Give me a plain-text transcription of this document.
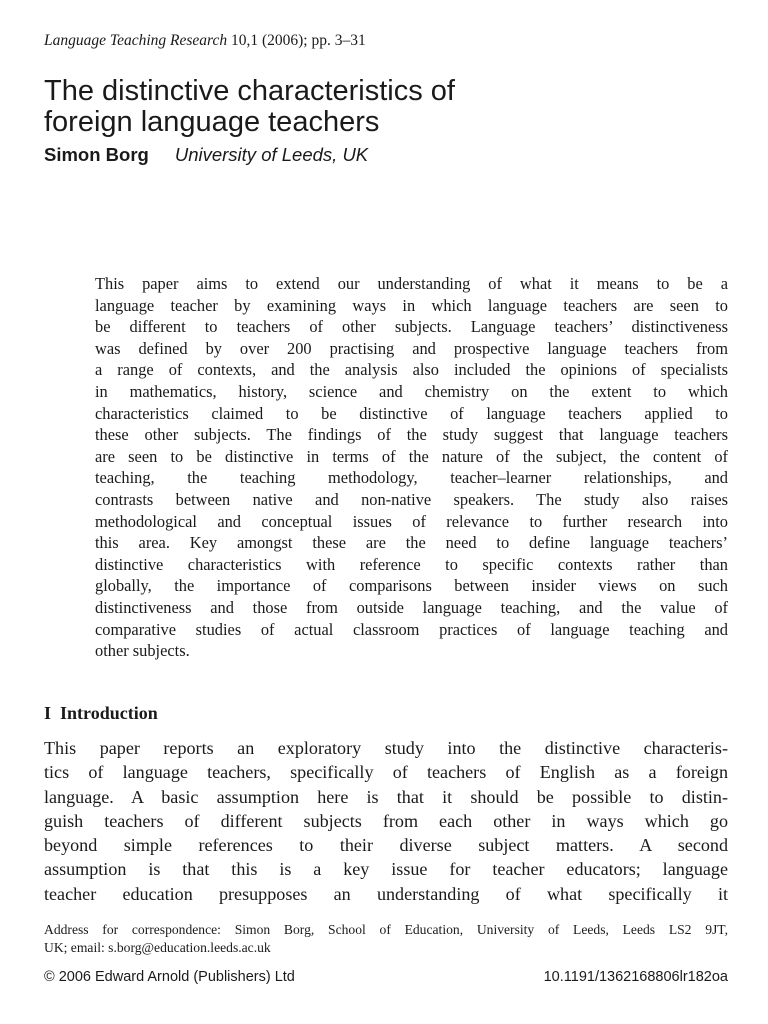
Language Teaching Research 10,1 (2006); pp. 3–31
The distinctive characteristics of
foreign language teachers
Simon Borg University of Leeds, UK
This paper aims to extend our understanding of what it means to be a
language teacher by examining ways in which language teachers are seen to
be different to teachers of other subjects. Language teachers’ distinctiveness
was defined by over 200 practising and prospective language teachers from
a range of contexts, and the analysis also included the opinions of specialists
in mathematics, history, science and chemistry on the extent to which
characteristics claimed to be distinctive of language teachers applied to
these other subjects. The findings of the study suggest that language teachers
are seen to be distinctive in terms of the nature of the subject, the content of
teaching, the teaching methodology, teacher–learner relationships, and
contrasts between native and non-native speakers. The study also raises
methodological and conceptual issues of relevance to further research into
this area. Key amongst these are the need to define language teachers’
distinctive characteristics with reference to specific contexts rather than
globally, the importance of comparisons between insider views on such
distinctiveness and those from outside language teaching, and the value of
comparative studies of actual classroom practices of language teaching and
other subjects.
I Introduction
This paper reports an exploratory study into the distinctive characteris-
tics of language teachers, specifically of teachers of English as a foreign
language. A basic assumption here is that it should be possible to distin-
guish teachers of different subjects from each other in ways which go
beyond simple references to their diverse subject matters. A second
assumption is that this is a key issue for teacher educators; language
teacher education presupposes an understanding of what specifically it
Address for correspondence: Simon Borg, School of Education, University of Leeds, Leeds LS2 9JT,
UK; email: s.borg@education.leeds.ac.uk
© 2006 Edward Arnold (Publishers) Ltd	10.1191/1362168806lr182oa
